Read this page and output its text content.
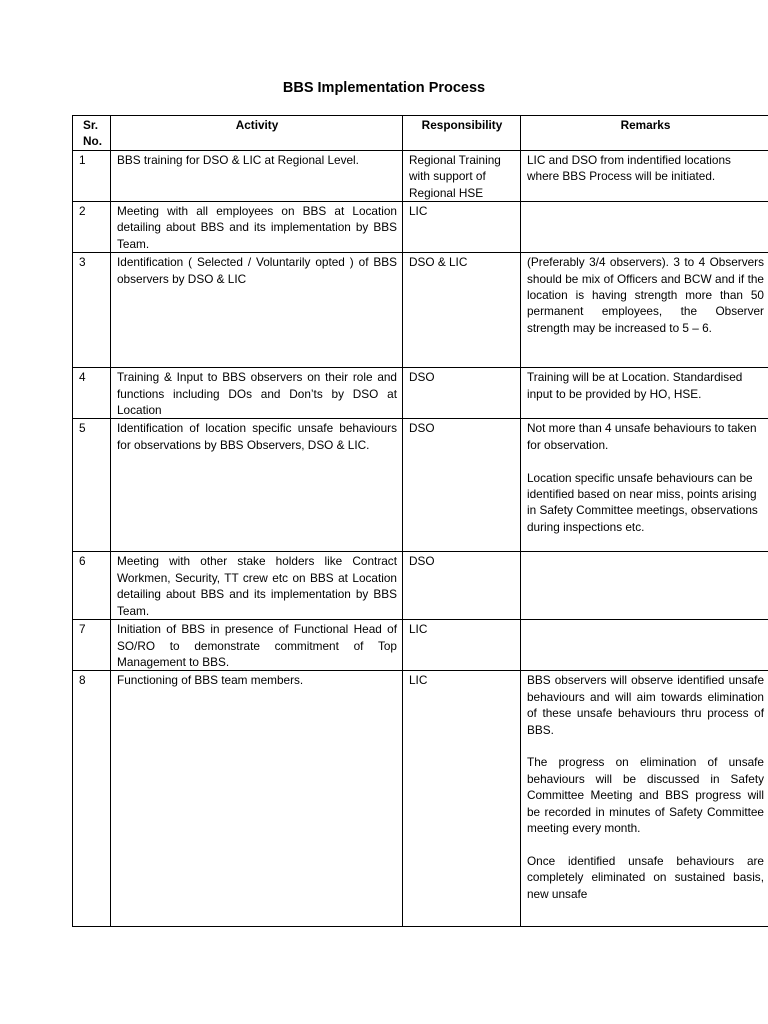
BBS Implementation Process
Sr. No.	Activity	Responsibility	Remarks
1	BBS training for DSO & LIC at Regional Level.	Regional Training with support of Regional HSE	LIC and DSO from indentified locations where BBS Process will be initiated.

2	Meeting with all employees on BBS at Location detailing about BBS and its implementation by BBS Team.	LIC	
3	Identification ( Selected / Voluntarily opted ) of BBS observers by DSO & LIC	DSO & LIC	(Preferably 3/4 observers). 3 to 4 Observers should be mix of Officers and BCW and if the location is having strength more than 50 permanent employees, the Observer strength may be increased to 5 – 6.

4	Training & Input to BBS observers on their role and functions including DOs and Don’ts by DSO at Location	DSO	Training will be at Location. Standardised input to be provided by HO, HSE.

5	Identification of location specific unsafe behaviours for observations by BBS Observers, DSO & LIC.	DSO	Not more than 4 unsafe behaviours to taken for observation.
Location specific unsafe behaviours can be identified based on near miss, points arising in Safety Committee meetings, observations during inspections etc.

6	Meeting with other stake holders like Contract Workmen, Security, TT crew etc on BBS at Location detailing about BBS and its implementation by BBS Team.	DSO	
7	Initiation of BBS in presence of Functional Head of SO/RO to demonstrate commitment of Top Management to BBS.	LIC	
8	Functioning of BBS team members.	LIC	BBS observers will observe identified unsafe behaviours and will aim towards elimination of these unsafe behaviours thru process of BBS.
The progress on elimination of unsafe behaviours will be discussed in Safety Committee Meeting and BBS progress will be recorded in minutes of Safety Committee meeting every month.
Once identified unsafe behaviours are completely eliminated on sustained basis, new unsafe
